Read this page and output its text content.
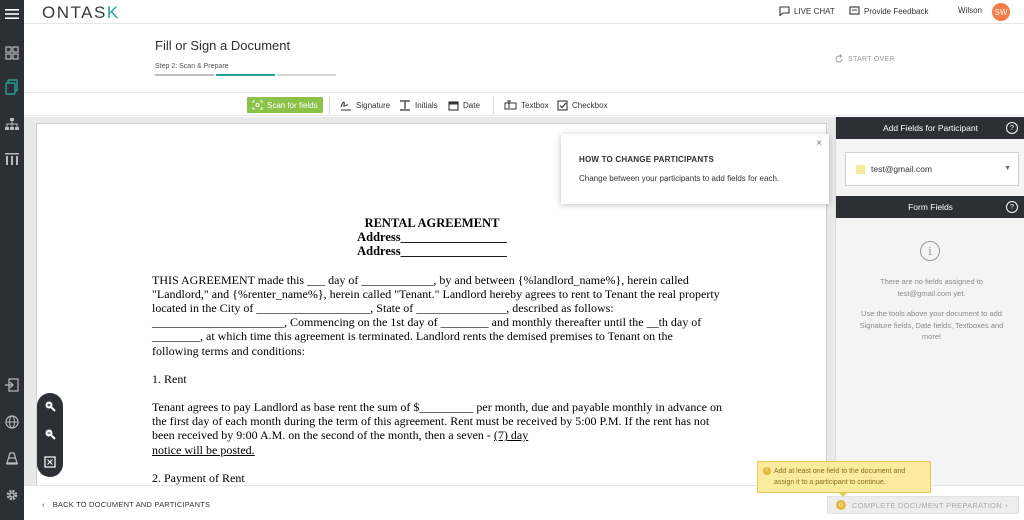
ONTASK	LIVE CHAT	Provide Feedback	Wilson	SW
Fill or Sign a Document
Step 2: Scan & Prepare
START OVER
Scan for fields	Signature	Initials	Date	Textbox	Checkbox
RENTAL AGREEMENT
Address_________________
Address_________________
THIS AGREEMENT made this ___ day of ____________, by and between {%landlord_name%}, herein called "Landlord," and {%renter_name%}, herein called "Tenant." Landlord hereby agrees to rent to Tenant the real property located in the City of ___________________, State of _______________, described as follows: ______________________, Commencing on the 1st day of ________ and monthly thereafter until the __th day of ________, at which time this agreement is terminated. Landlord rents the demised premises to Tenant on the following terms and conditions:
1. Rent
Tenant agrees to pay Landlord as base rent the sum of $_________ per month, due and payable monthly in advance on the first day of each month during the term of this agreement. Rent must be received by 5:00 P.M. If the rent has not been received by 9:00 A.M. on the second of the month, then a seven - (7) day
notice will be posted.
2. Payment of Rent
×
HOW TO CHANGE PARTICIPANTS
Change between your participants to add fields for each.
Add Fields for Participant	?
test@gmail.com	▼
Form Fields	?
i
There are no fields assigned to test@gmail.com yet.
Use the tools above your document to add Signature fields, Date fields, Textboxes and more!
‹ BACK TO DOCUMENT AND PARTICIPANTS	0	COMPLETE DOCUMENT PREPARATION ›
! Add at least one field to the document and assign it to a participant to continue.
